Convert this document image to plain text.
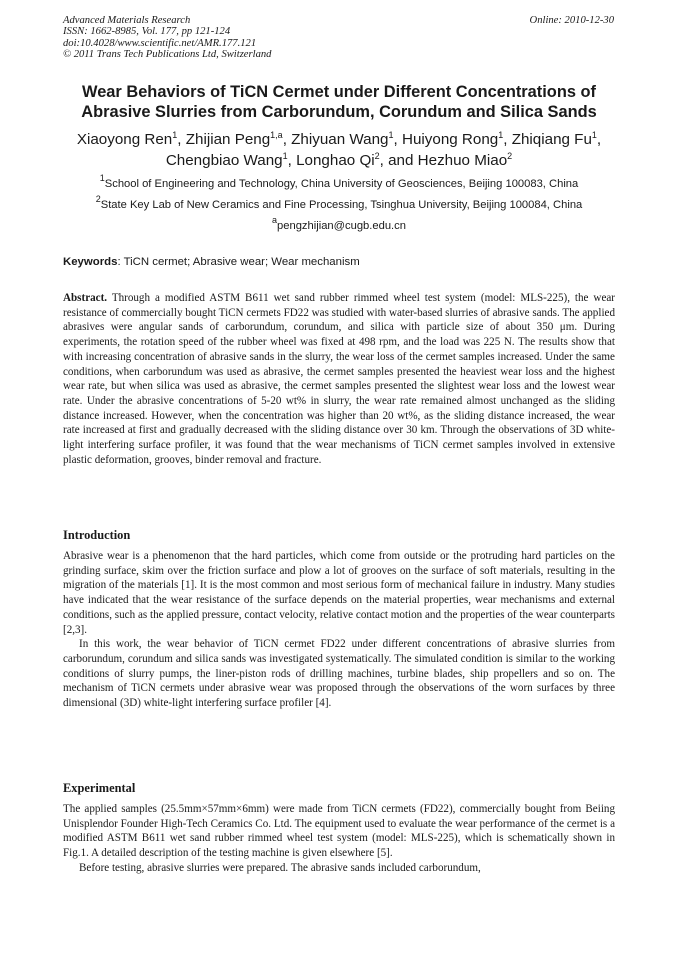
Advanced Materials Research
ISSN: 1662-8985, Vol. 177, pp 121-124
doi:10.4028/www.scientific.net/AMR.177.121
© 2011 Trans Tech Publications Ltd, Switzerland
Online: 2010-12-30
Wear Behaviors of TiCN Cermet under Different Concentrations of
Abrasive Slurries from Carborundum, Corundum and Silica Sands
Xiaoyong Ren$^1$, Zhijian Peng$^{1,a}$, Zhiyuan Wang$^1$, Huiyong Rong$^1$, Zhiqiang Fu$^1$,
Chengbiao Wang$^1$, Longhao Qi$^2$, and Hezhuo Miao$^2$
$^1$School of Engineering and Technology, China University of Geosciences, Beijing 100083, China
$^2$State Key Lab of New Ceramics and Fine Processing, Tsinghua University, Beijing 100084, China
$^a$pengzhijian@cugb.edu.cn
Keywords: TiCN cermet; Abrasive wear; Wear mechanism

Abstract. Through a modified ASTM B611 wet sand rubber rimmed wheel test system (model: MLS-225), the wear resistance of commercially bought TiCN cermets FD22 was studied with water-based slurries of abrasive sands. The applied abrasives were angular sands of carborundum, corundum, and silica with particle size of about 350 μm. During experiments, the rotation speed of the rubber wheel was fixed at 498 rpm, and the load was 225 N. The results show that with increasing concentration of abrasive sands in the slurry, the wear loss of the cermet samples increased. Under the same conditions, when carborundum was used as abrasive, the cermet samples presented the heaviest wear loss and the highest wear rate, but when silica was used as abrasive, the cermet samples presented the slightest wear loss and the lowest wear rate. Under the abrasive concentrations of 5-20 wt% in slurry, the wear rate remained almost unchanged as the sliding distance increased. However, when the concentration was higher than 20 wt%, as the sliding distance increased, the wear rate increased at first and gradually decreased with the sliding distance over 30 km. Through the observations of 3D white-light interfering surface profiler, it was found that the wear mechanisms of TiCN cermet samples involved in extensive plastic deformation, grooves, binder removal and fracture.

Introduction

Abrasive wear is a phenomenon that the hard particles, which come from outside or the protruding hard particles on the grinding surface, skim over the friction surface and plow a lot of grooves on the surface of soft materials, resulting in the migration of the materials [1]. It is the most common and most serious form of mechanical failure in industry. Many studies have indicated that the wear resistance of the surface depends on the material properties, wear mechanisms and external conditions, such as the applied pressure, contact velocity, relative contact motion and the properties of the wear counterparts [2,3].

In this work, the wear behavior of TiCN cermet FD22 under different concentrations of abrasive slurries from carborundum, corundum and silica sands was investigated systematically. The simulated condition is similar to the working conditions of slurry pumps, the liner-piston rods of drilling machines, turbine blades, ship propellers and so on. The mechanism of TiCN cermets under abrasive wear was proposed through the observations of the worn surfaces by three dimensional (3D) white-light interfering surface profiler [4].

Experimental

The applied samples (25.5mm×57mm×6mm) were made from TiCN cermets (FD22), commercially bought from Beiing Unisplendor Founder High-Tech Ceramics Co. Ltd. The equipment used to evaluate the wear performance of the cermet is a modified ASTM B611 wet sand rubber rimmed wheel test system (model: MLS-225), which is schematically shown in Fig.1. A detailed description of the testing machine is given elsewhere [5].

Before testing, abrasive slurries were prepared. The abrasive sands included carborundum,
